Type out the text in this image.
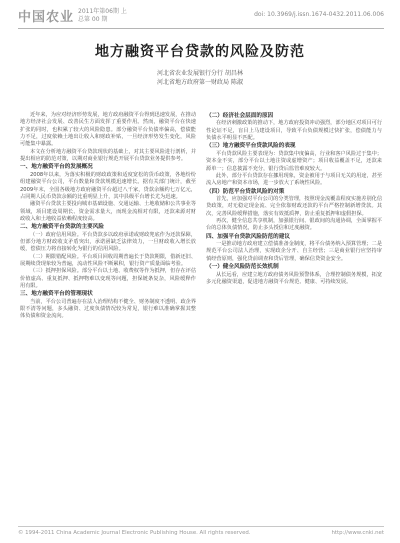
中国农业 2011年第06期 上
总第 00 期
doi: 10.3969/j.issn.1674-0432.2011.06.006
地方融资平台贷款的风险及防范
河北省农业发展银行分行 胡昌林
河北省地方政府第一财政局 陈淑

近年来，为应对经济形势发展，地方政府融资平台得到迅速发展，在推动地方经济社会发展、改善民生方面发挥了重要作用。然而，融资平台在快速扩张的同时，也积累了较大的风险隐患。部分融资平台负债率偏高，偿债能力不足，过度依赖土地出让收入和财政补贴，一旦经济形势发生变化，风险可能集中暴露。

本文在分析地方融资平台贷款现状的基础上，对其主要风险进行剖析，并提出相应的防范对策，以期对商业银行规范开展平台贷款业务提供参考。

一、地方融资平台的发展概况

2008年以来，为落实积极的财政政策和适度宽松的货币政策，各地纷纷组建融资平台公司，平台数量和贷款规模迅速增长。据有关部门统计，截至2009年末，全国各级地方政府融资平台超过八千家，贷款余额约七万亿元，占同期人民币贷款余额的比重明显上升，其中县级平台增长尤为迅速。

融资平台贷款主要投向城市基础设施、交通运输、土地收储和公共事业等领域，项目建设周期长、资金需求量大，而现金流相对有限，还款来源对财政收入和土地收益依赖程度较高。

二、地方融资平台贷款的主要风险

（一）政府信用风险。平台贷款多以政府承诺或财政兜底作为还款保障，但部分地方财政收支矛盾突出，承诺函缺乏法律效力，一旦财政收入增长放缓，偿债压力将直接转化为银行的信用风险。

（二）期限错配风险。平台项目回收周期普遍长于贷款期限，借新还旧、展期续贷现象较为普遍，流动性风险不断累积，银行资产质量面临考验。

（三）抵押担保风险。部分平台以土地、收费权等作为抵押，但存在评估价值虚高、重复抵押、抵押物难以变现等问题，担保链条复杂，风险缓释作用有限。

三、地方融资平台的管理现状

当前，平台公司普遍存在法人治理结构不健全、财务制度不透明、政企界限不清等问题，多头融资、过度负债情况较为常见，银行难以准确掌握其整体负债和资金流向。

（二）经济社会层面的原因

在经济刺激政策的推动下，地方政府投资冲动强烈，部分地区对项目可行性论证不足，盲目上马建设项目，导致平台负债规模过快扩张，偿债能力与负债水平明显不匹配。

（三）地方融资平台贷款风险的表现

平台贷款风险主要表现为：贷款集中度偏高，行业和客户风险过于集中；资本金不实，部分平台以土地注资或虚增资产；项目收益覆盖不足，还款来源单一；信息披露不充分，银行贷后监管难度较大。

此外，部分平台贷款存在挪用现象，资金被用于与项目无关的用途，甚至流入房地产和资本市场，进一步放大了系统性风险。

（四）防范平台贷款风险的对策

首先，应加强对平台公司的分类管理，按照现金流覆盖程度实施差别化信贷政策，对无稳定现金流、完全依靠财政还款的平台严格控制新增贷款。其次，完善风险缓释措施，落实有效抵质押，防止重复抵押和虚假担保。

再次，健全信息共享机制，加强银行间、银政间的沟通协调，全面掌握平台的总体负债情况，防止多头授信和过度融资。

四、加强平台贷款风险防范的建议

一是推动地方政府建立偿债准备金制度，将平台债务纳入预算管理；二是规范平台公司法人治理，实现政企分开、自主经营；三是商业银行应坚持审慎经营原则，强化贷前调查和贷后管理，确保信贷资金安全。

（一）健全风险防范长效机制

从长远看，应建立地方政府债务风险预警体系，合理控制债务规模，拓宽多元化融资渠道，促进地方融资平台规范、健康、可持续发展。

© 1994-2011 China Academic Journal Electronic Publishing House. All rights reserved.	http://www.cnki.net
